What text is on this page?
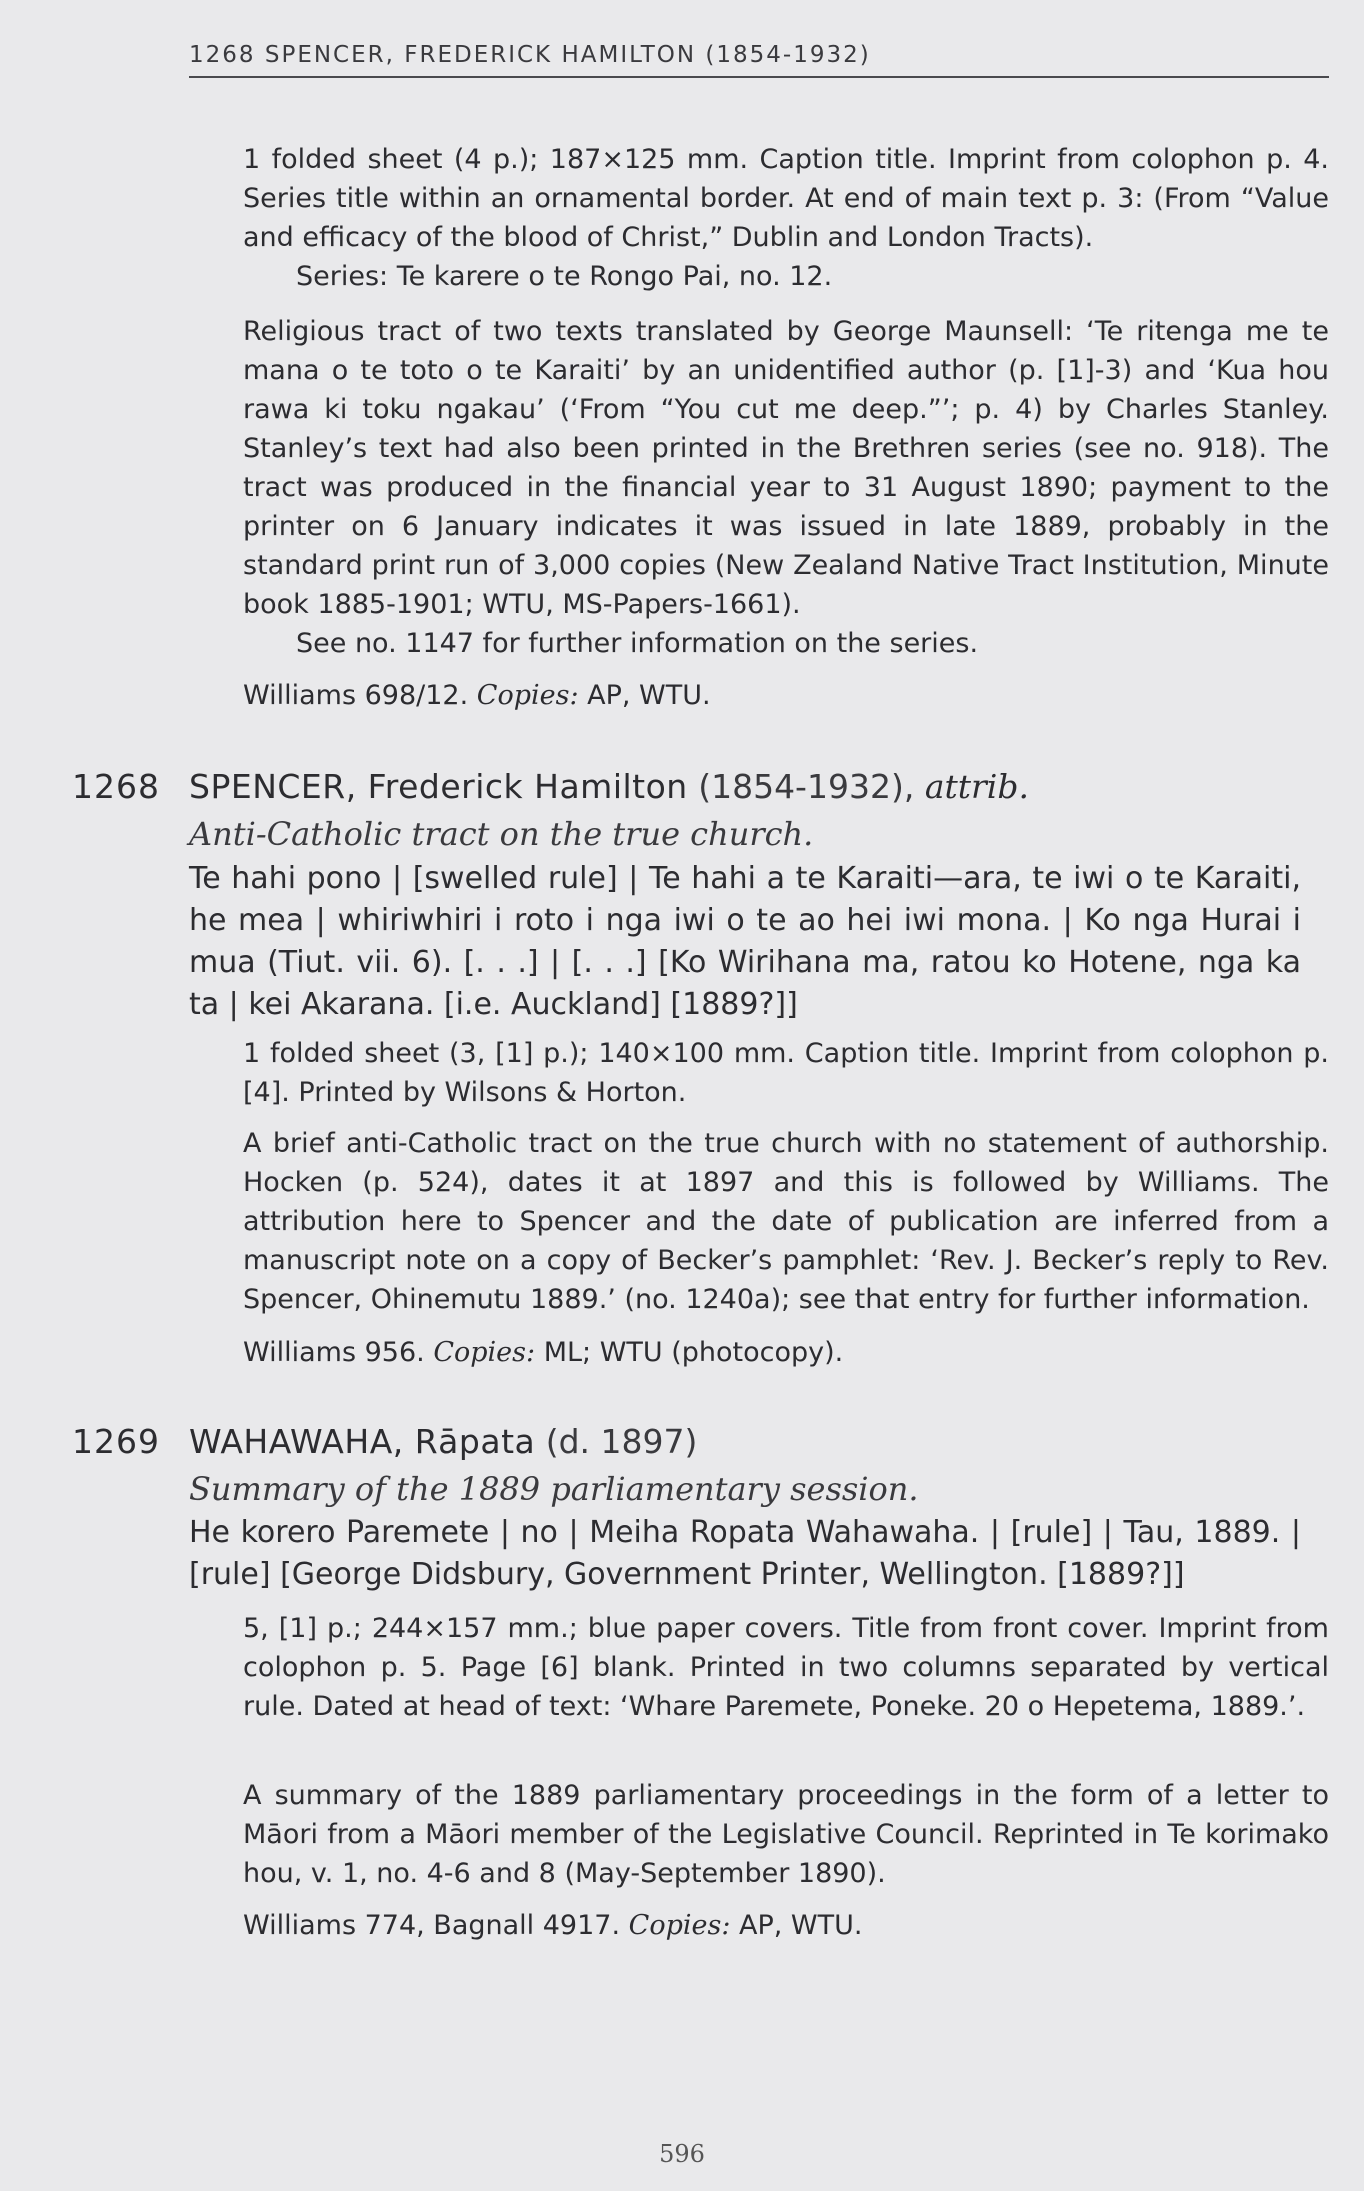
1268 SPENCER, FREDERICK HAMILTON (1854-1932)

1 folded sheet (4 p.); 187×125 mm. Caption title. Imprint from colophon p. 4. Series title within an ornamental border. At end of main text p. 3: (From “Value and efficacy of the blood of Christ,” Dublin and London Tracts).

Series: Te karere o te Rongo Pai, no. 12.

Religious tract of two texts translated by George Maunsell: ‘Te ritenga me te mana o te toto o te Karaiti’ by an unidentified author (p. [1]-3) and ‘Kua hou rawa ki toku ngakau’ (‘From “You cut me deep.”’; p. 4) by Charles Stanley. Stanley’s text had also been printed in the Brethren series (see no. 918). The tract was produced in the financial year to 31 August 1890; payment to the printer on 6 January indicates it was issued in late 1889, probably in the standard print run of 3,000 copies (New Zealand Native Tract Institution, Minute book 1885-1901; WTU, MS-Papers-1661).

See no. 1147 for further information on the series.

Williams 698/12. Copies: AP, WTU.

1268 SPENCER, Frederick Hamilton (1854-1932), attrib.
Anti-Catholic tract on the true church.

Te hahi pono | [swelled rule] | Te hahi a te Karaiti—ara, te iwi o te Karaiti, he mea | whiriwhiri i roto i nga iwi o te ao hei iwi mona. | Ko nga Hurai i mua (Tiut. vii. 6). [. . .] | [. . .] [Ko Wirihana ma, ratou ko Hotene, nga ka ta | kei Akarana. [i.e. Auckland] [1889?]]

1 folded sheet (3, [1] p.); 140×100 mm. Caption title. Imprint from colophon p. [4]. Printed by Wilsons & Horton.

A brief anti-Catholic tract on the true church with no statement of authorship. Hocken (p. 524), dates it at 1897 and this is followed by Williams. The attribution here to Spencer and the date of publication are inferred from a manuscript note on a copy of Becker’s pamphlet: ‘Rev. J. Becker’s reply to Rev. Spencer, Ohinemutu 1889.’ (no. 1240a); see that entry for further information.

Williams 956. Copies: ML; WTU (photocopy).

1269 WAHAWAHA, Rāpata (d. 1897)
Summary of the 1889 parliamentary session.

He korero Paremete | no | Meiha Ropata Wahawaha. | [rule] | Tau, 1889. | [rule] [George Didsbury, Government Printer, Wellington. [1889?]]

5, [1] p.; 244×157 mm.; blue paper covers. Title from front cover. Imprint from colophon p. 5. Page [6] blank. Printed in two columns separated by vertical rule. Dated at head of text: ‘Whare Paremete, Poneke. 20 o Hepetema, 1889.’.

A summary of the 1889 parliamentary proceedings in the form of a letter to Māori from a Māori member of the Legislative Council. Reprinted in Te korimako hou, v. 1, no. 4-6 and 8 (May-September 1890).

Williams 774, Bagnall 4917. Copies: AP, WTU.

596
